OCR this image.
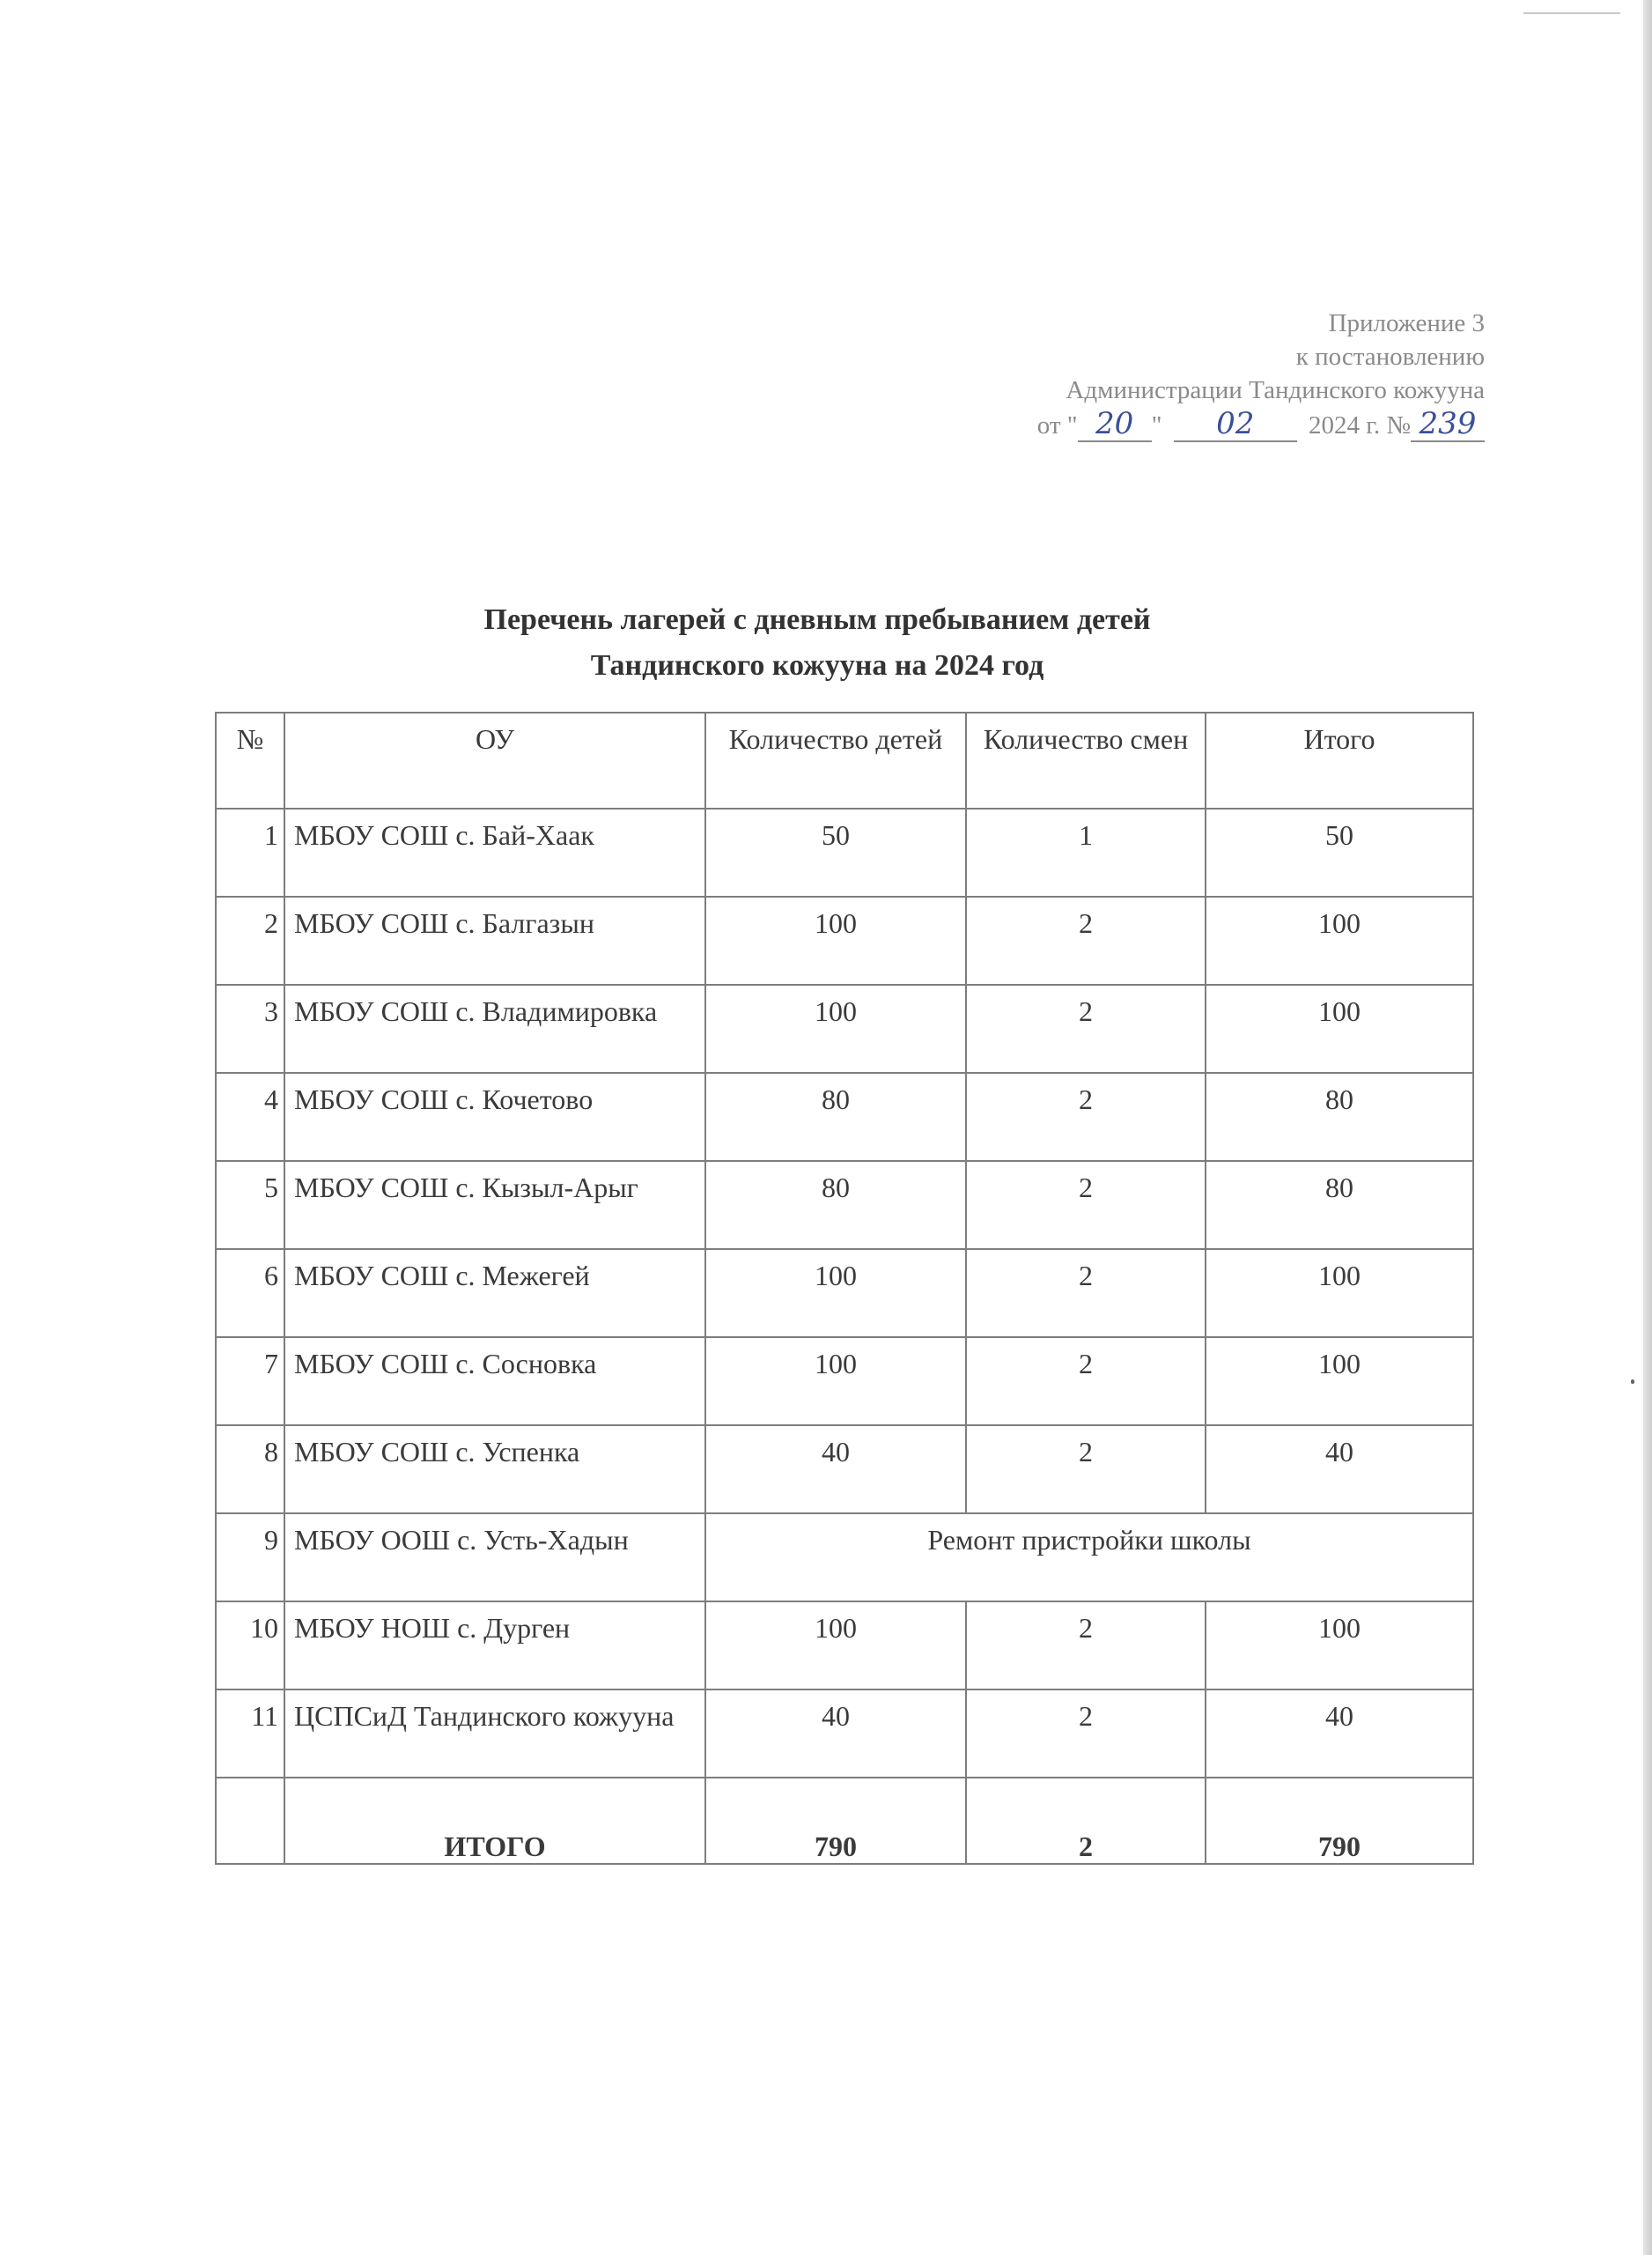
Приложение 3
к постановлению
Администрации Тандинского кожууна
от " 20 " 02 2024 г. № 239
Перечень лагерей с дневным пребыванием детей
Тандинского кожууна на 2024 год
№	ОУ	Количество детей	Количество смен	Итого
1	МБОУ СОШ с. Бай-Хаак	50	1	50
2	МБОУ СОШ с. Балгазын	100	2	100
3	МБОУ СОШ с. Владимировка	100	2	100
4	МБОУ СОШ с. Кочетово	80	2	80
5	МБОУ СОШ с. Кызыл-Арыг	80	2	80
6	МБОУ СОШ с. Межегей	100	2	100
7	МБОУ СОШ с. Сосновка	100	2	100
8	МБОУ СОШ с. Успенка	40	2	40
9	МБОУ ООШ с. Усть-Хадын	Ремонт пристройки школы		
10	МБОУ НОШ с. Дурген	100	2	100
11	ЦСПСиД Тандинского кожууна	40	2	40
	ИТОГО	790	2	790
